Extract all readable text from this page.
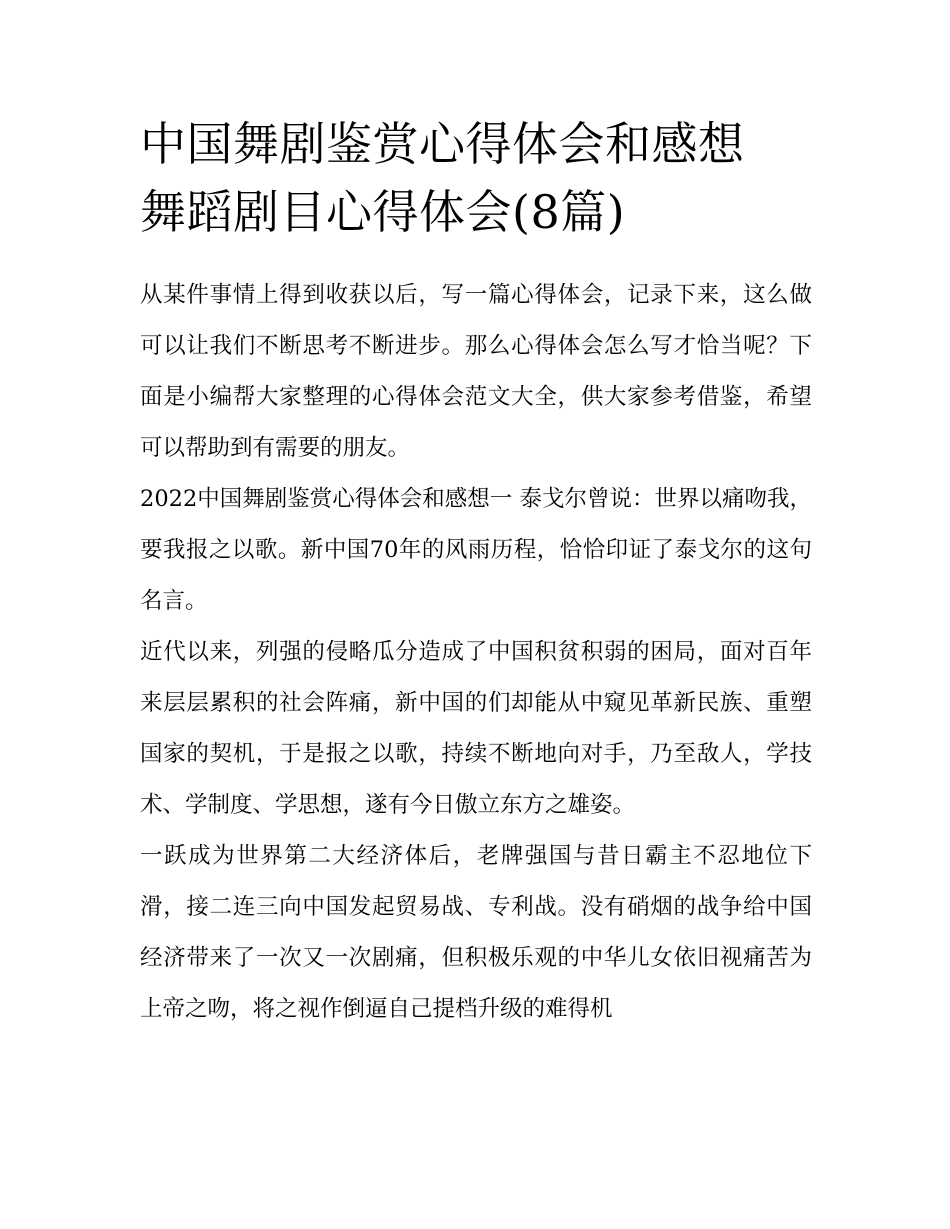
中国舞剧鉴赏心得体会和感想
舞蹈剧目心得体会(8篇)

从某件事情上得到收获以后，写一篇心得体会，记录下来，这么做可以让我们不断思考不断进步。那么心得体会怎么写才恰当呢？下面是小编帮大家整理的心得体会范文大全，供大家参考借鉴，希望可以帮助到有需要的朋友。

2022中国舞剧鉴赏心得体会和感想一 泰戈尔曾说：世界以痛吻我，要我报之以歌。新中国70年的风雨历程，恰恰印证了泰戈尔的这句名言。

近代以来，列强的侵略瓜分造成了中国积贫积弱的困局，面对百年来层层累积的社会阵痛，新中国的们却能从中窥见革新民族、重塑国家的契机，于是报之以歌，持续不断地向对手，乃至敌人，学技术、学制度、学思想，遂有今日傲立东方之雄姿。

一跃成为世界第二大经济体后，老牌强国与昔日霸主不忍地位下滑，接二连三向中国发起贸易战、专利战。没有硝烟的战争给中国经济带来了一次又一次剧痛，但积极乐观的中华儿女依旧视痛苦为上帝之吻，将之视作倒逼自己提档升级的难得机
